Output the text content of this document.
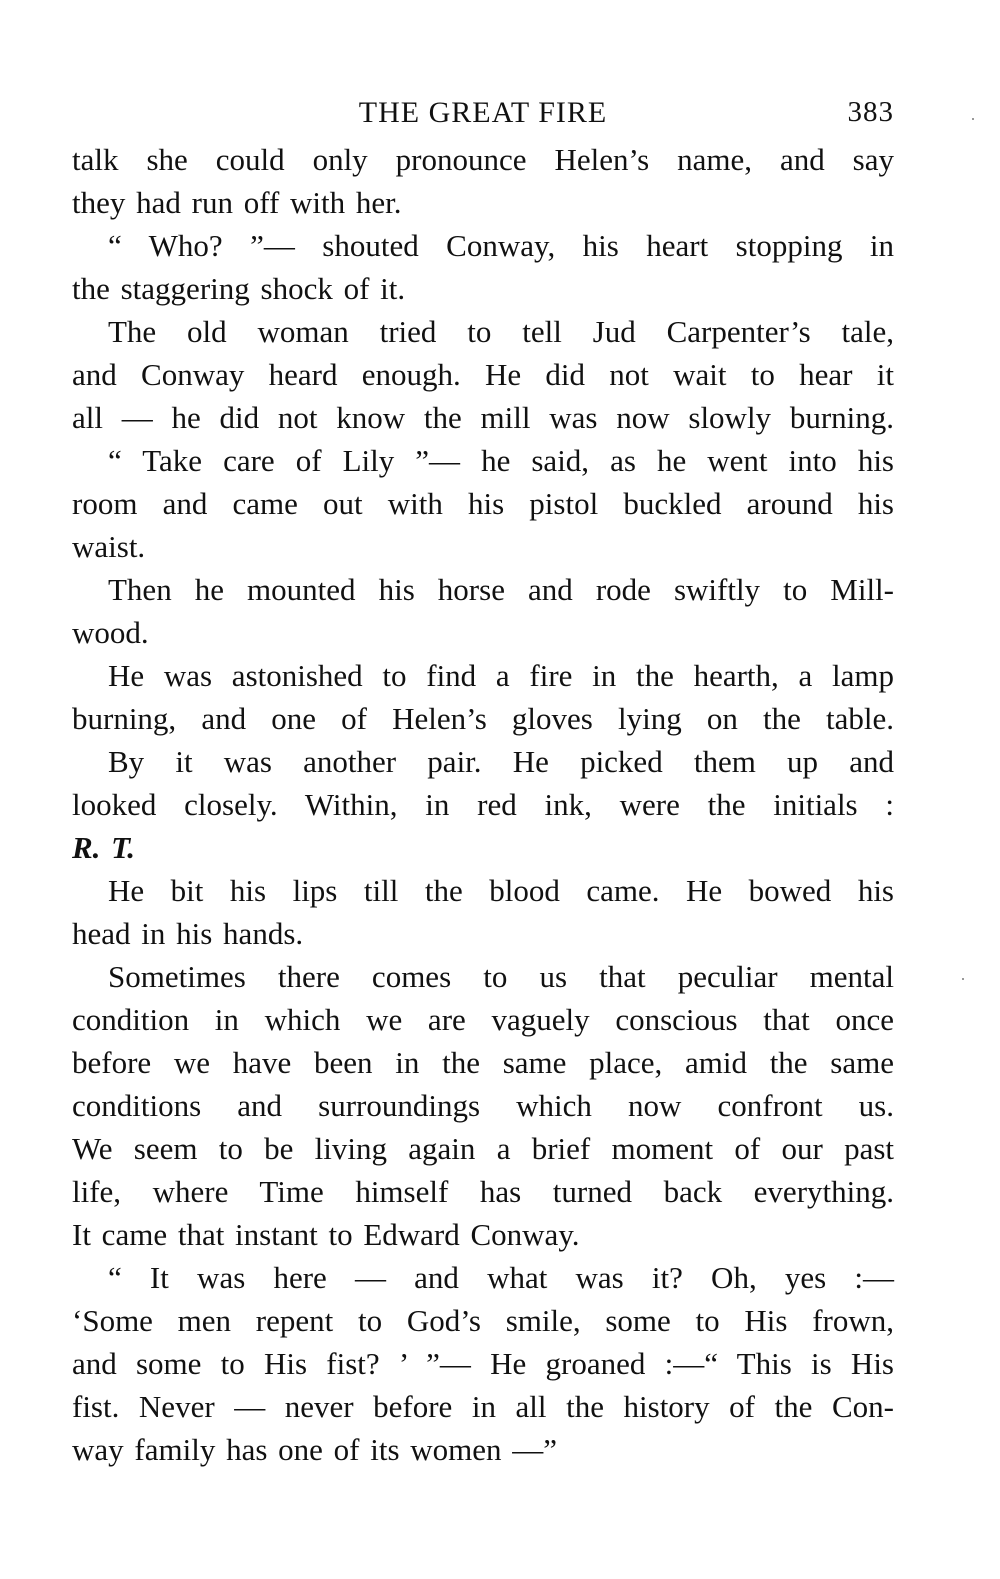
THE GREAT FIRE	383

talk she could only pronounce Helen’s name, and say

they had run off with her.

“ Who? ”— shouted Conway, his heart stopping in

the staggering shock of it.

The old woman tried to tell Jud Carpenter’s tale,

and Conway heard enough. He did not wait to hear it

all — he did not know the mill was now slowly burning.

“ Take care of Lily ”— he said, as he went into his

room and came out with his pistol buckled around his

waist.

Then he mounted his horse and rode swiftly to Mill-

wood.

He was astonished to find a fire in the hearth, a lamp

burning, and one of Helen’s gloves lying on the table.

By it was another pair. He picked them up and

looked closely. Within, in red ink, were the initials :

R. T.

He bit his lips till the blood came. He bowed his

head in his hands.

Sometimes there comes to us that peculiar mental

condition in which we are vaguely conscious that once

before we have been in the same place, amid the same

conditions and surroundings which now confront us.

We seem to be living again a brief moment of our past

life, where Time himself has turned back everything.

It came that instant to Edward Conway.

“ It was here — and what was it? Oh, yes :—

‘Some men repent to God’s smile, some to His frown,

and some to His fist? ’ ”— He groaned :—“ This is His

fist. Never — never before in all the history of the Con-

way family has one of its women —”
